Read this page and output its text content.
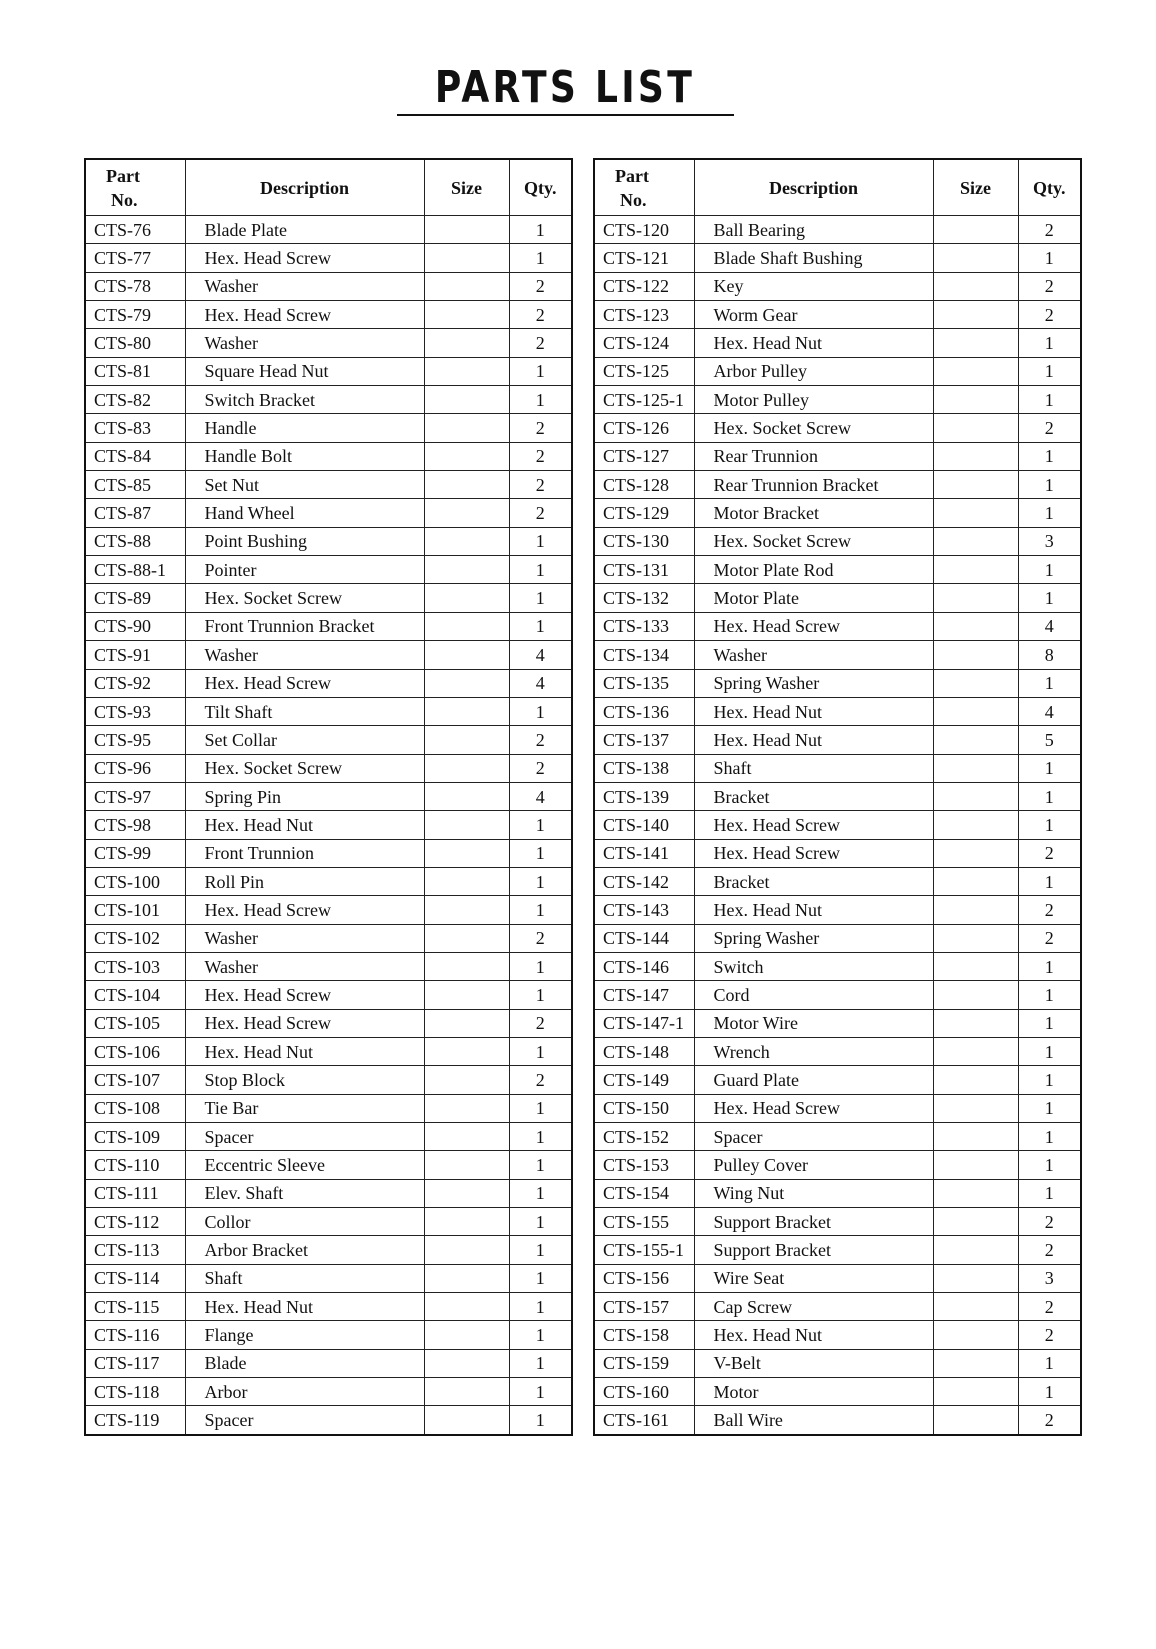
PARTS LIST
Part
No.	Description	Size	Qty.
CTS-76	Blade Plate		1
CTS-77	Hex. Head Screw		1
CTS-78	Washer		2
CTS-79	Hex. Head Screw		2
CTS-80	Washer		2
CTS-81	Square Head Nut		1
CTS-82	Switch Bracket		1
CTS-83	Handle		2
CTS-84	Handle Bolt		2
CTS-85	Set Nut		2
CTS-87	Hand Wheel		2
CTS-88	Point Bushing		1
CTS-88-1	Pointer		1
CTS-89	Hex. Socket Screw		1
CTS-90	Front Trunnion Bracket		1
CTS-91	Washer		4
CTS-92	Hex. Head Screw		4
CTS-93	Tilt Shaft		1
CTS-95	Set Collar		2
CTS-96	Hex. Socket Screw		2
CTS-97	Spring Pin		4
CTS-98	Hex. Head Nut		1
CTS-99	Front Trunnion		1
CTS-100	Roll Pin		1
CTS-101	Hex. Head Screw		1
CTS-102	Washer		2
CTS-103	Washer		1
CTS-104	Hex. Head Screw		1
CTS-105	Hex. Head Screw		2
CTS-106	Hex. Head Nut		1
CTS-107	Stop Block		2
CTS-108	Tie Bar		1
CTS-109	Spacer		1
CTS-110	Eccentric Sleeve		1
CTS-111	Elev. Shaft		1
CTS-112	Collor		1
CTS-113	Arbor Bracket		1
CTS-114	Shaft		1
CTS-115	Hex. Head Nut		1
CTS-116	Flange		1
CTS-117	Blade		1
CTS-118	Arbor		1
CTS-119	Spacer		1
Part
No.	Description	Size	Qty.
CTS-120	Ball Bearing		2
CTS-121	Blade Shaft Bushing		1
CTS-122	Key		2
CTS-123	Worm Gear		2
CTS-124	Hex. Head Nut		1
CTS-125	Arbor Pulley		1
CTS-125-1	Motor Pulley		1
CTS-126	Hex. Socket Screw		2
CTS-127	Rear Trunnion		1
CTS-128	Rear Trunnion Bracket		1
CTS-129	Motor Bracket		1
CTS-130	Hex. Socket Screw		3
CTS-131	Motor Plate Rod		1
CTS-132	Motor Plate		1
CTS-133	Hex. Head Screw		4
CTS-134	Washer		8
CTS-135	Spring Washer		1
CTS-136	Hex. Head Nut		4
CTS-137	Hex. Head Nut		5
CTS-138	Shaft		1
CTS-139	Bracket		1
CTS-140	Hex. Head Screw		1
CTS-141	Hex. Head Screw		2
CTS-142	Bracket		1
CTS-143	Hex. Head Nut		2
CTS-144	Spring Washer		2
CTS-146	Switch		1
CTS-147	Cord		1
CTS-147-1	Motor Wire		1
CTS-148	Wrench		1
CTS-149	Guard Plate		1
CTS-150	Hex. Head Screw		1
CTS-152	Spacer		1
CTS-153	Pulley Cover		1
CTS-154	Wing Nut		1
CTS-155	Support Bracket		2
CTS-155-1	Support Bracket		2
CTS-156	Wire Seat		3
CTS-157	Cap Screw		2
CTS-158	Hex. Head Nut		2
CTS-159	V-Belt		1
CTS-160	Motor		1
CTS-161	Ball Wire		2
